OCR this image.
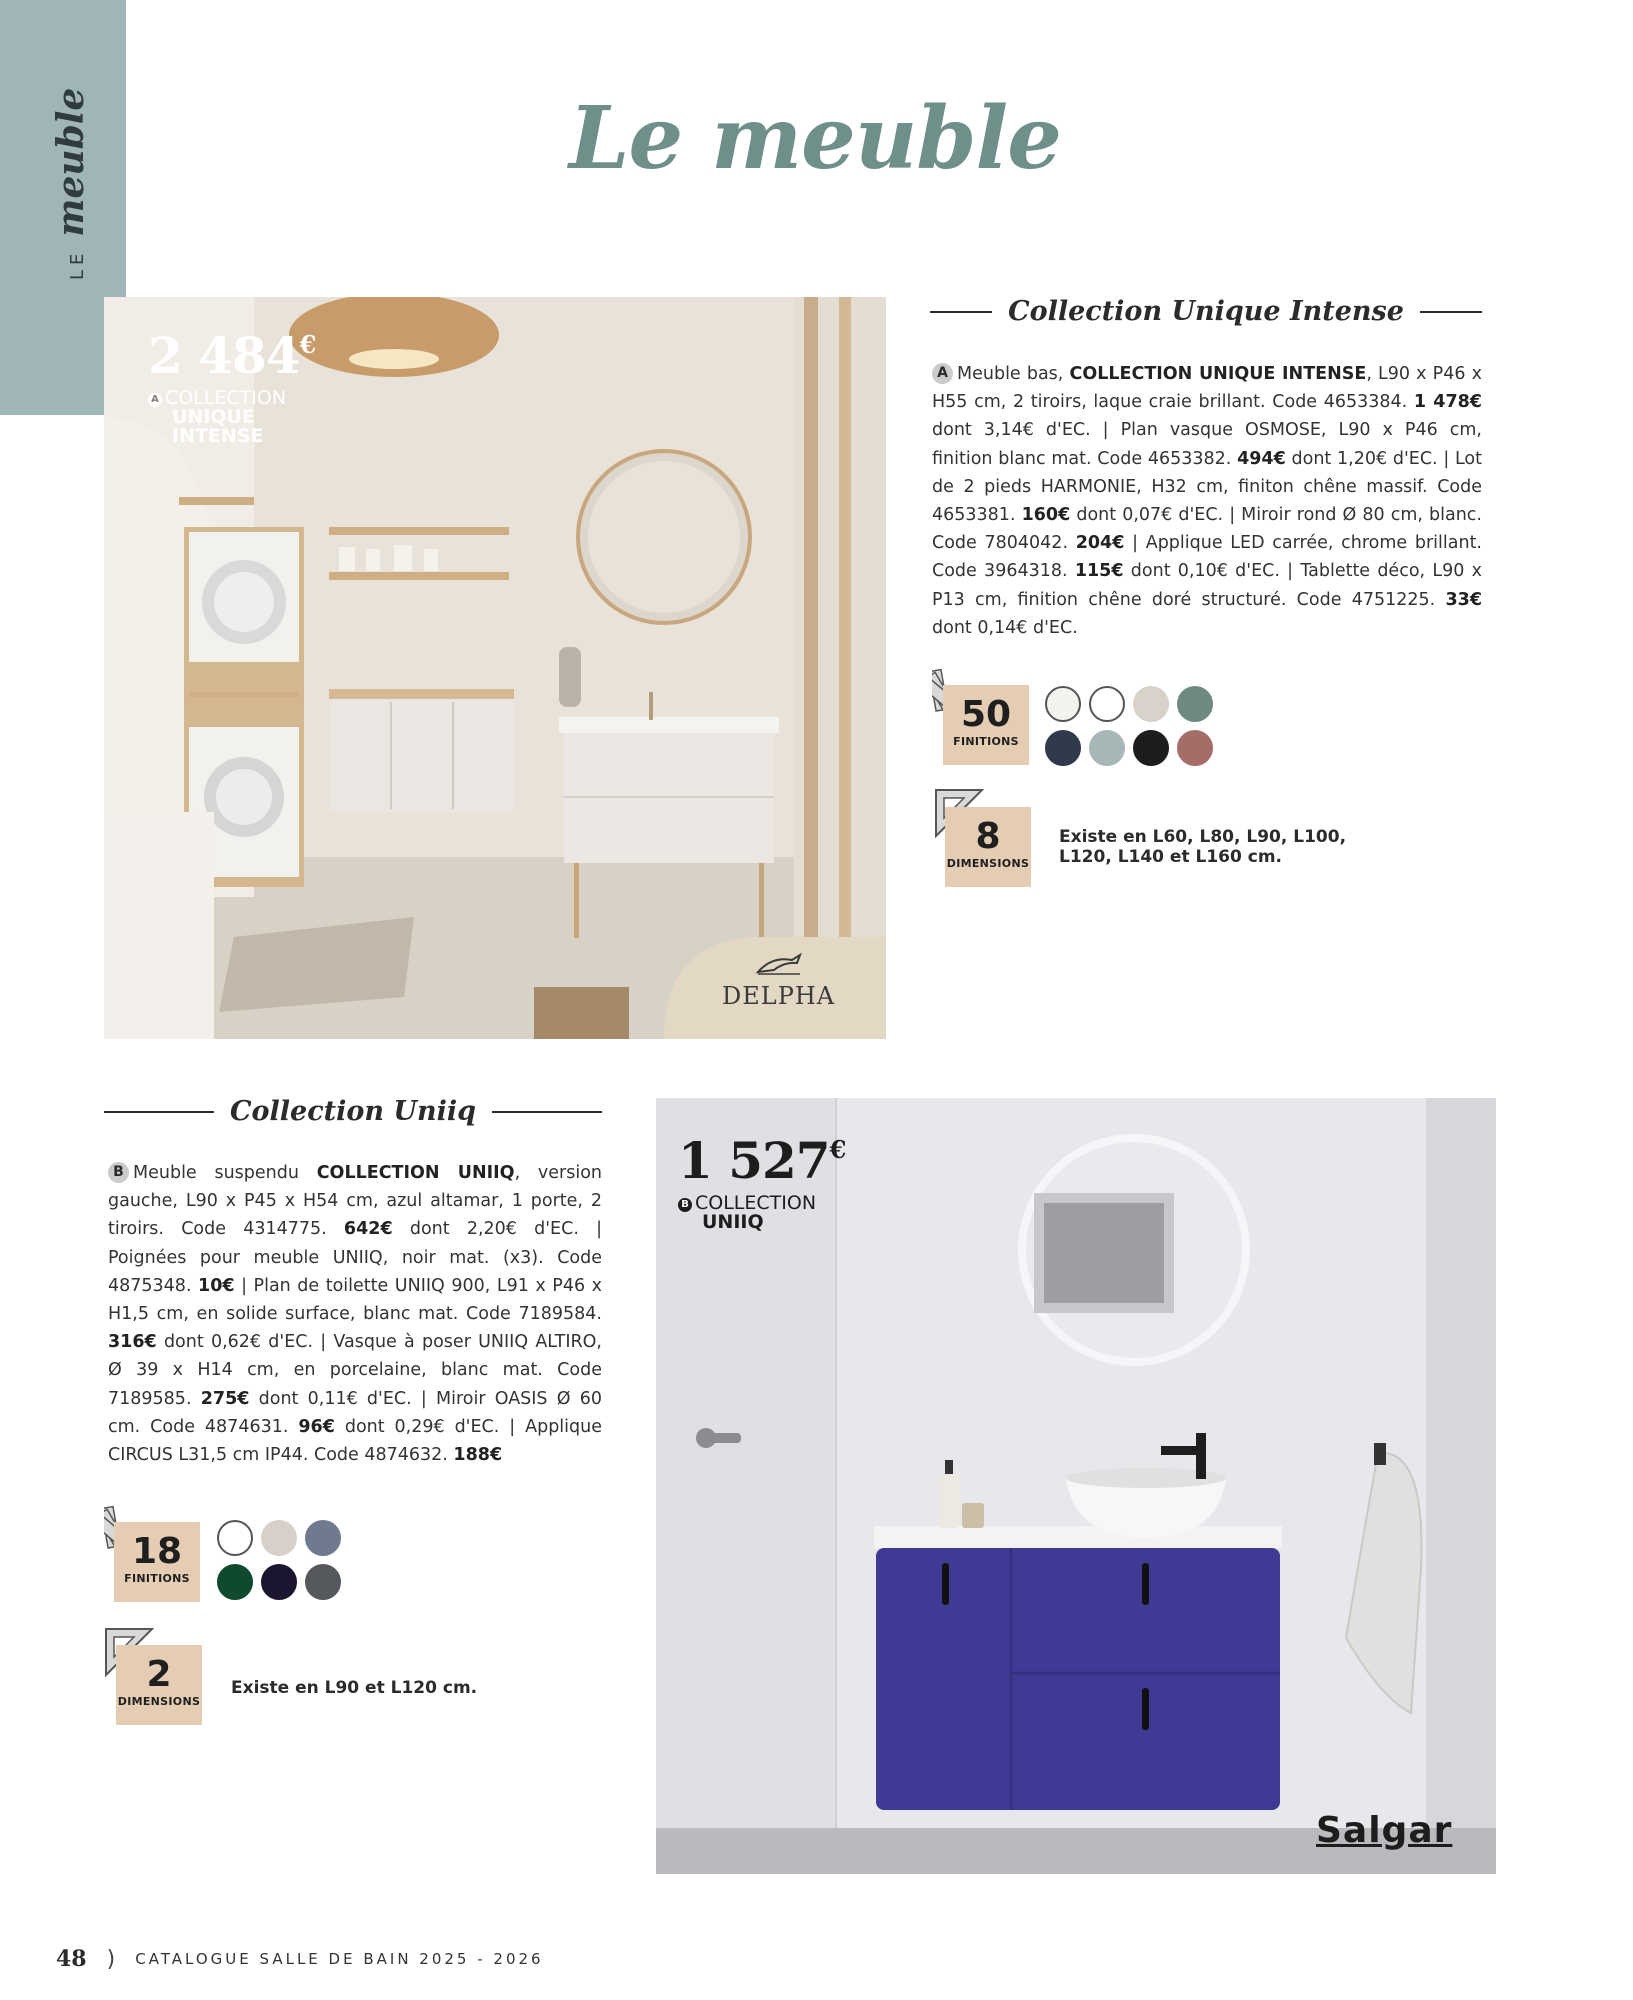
LE
meuble	Le meuble
2 484€
A COLLECTION
UNIQUE
INTENSE
DELPHA
Collection Unique Intense
A Meuble bas, COLLECTION UNIQUE INTENSE, L90 x P46 x H55 cm, 2 tiroirs, laque craie brillant. Code 4653384. 1 478€ dont 3,14€ d'EC. | Plan vasque OSMOSE, L90 x P46 cm, finition blanc mat. Code 4653382. 494€ dont 1,20€ d'EC. | Lot de 2 pieds HARMONIE, H32 cm, finiton chêne massif. Code 4653381. 160€ dont 0,07€ d'EC. | Miroir rond Ø 80 cm, blanc. Code 7804042. 204€ | Applique LED carrée, chrome brillant. Code 3964318. 115€ dont 0,10€ d'EC. | Tablette déco, L90 x P13 cm, finition chêne doré structuré. Code 4751225. 33€ dont 0,14€ d'EC.
50
FINITIONS
8
DIMENSIONS
Existe en L60, L80, L90, L100,
L120, L140 et L160 cm.
Collection Uniiq
B Meuble suspendu COLLECTION UNIIQ, version gauche, L90 x P45 x H54 cm, azul altamar, 1 porte, 2 tiroirs. Code 4314775. 642€ dont 2,20€ d'EC. | Poignées pour meuble UNIIQ, noir mat. (x3). Code 4875348. 10€ | Plan de toilette UNIIQ 900, L91 x P46 x H1,5 cm, en solide surface, blanc mat. Code 7189584. 316€ dont 0,62€ d'EC. | Vasque à poser UNIIQ ALTIRO, Ø 39 x H14 cm, en porcelaine, blanc mat. Code 7189585. 275€ dont 0,11€ d'EC. | Miroir OASIS Ø 60 cm. Code 4874631. 96€ dont 0,29€ d'EC. | Applique CIRCUS L31,5 cm IP44. Code 4874632. 188€
18
FINITIONS
2
DIMENSIONS
Existe en L90 et L120 cm.
1 527€
B COLLECTION
UNIIQ
Salgar
48 ) CATALOGUE SALLE DE BAIN 2025 - 2026
